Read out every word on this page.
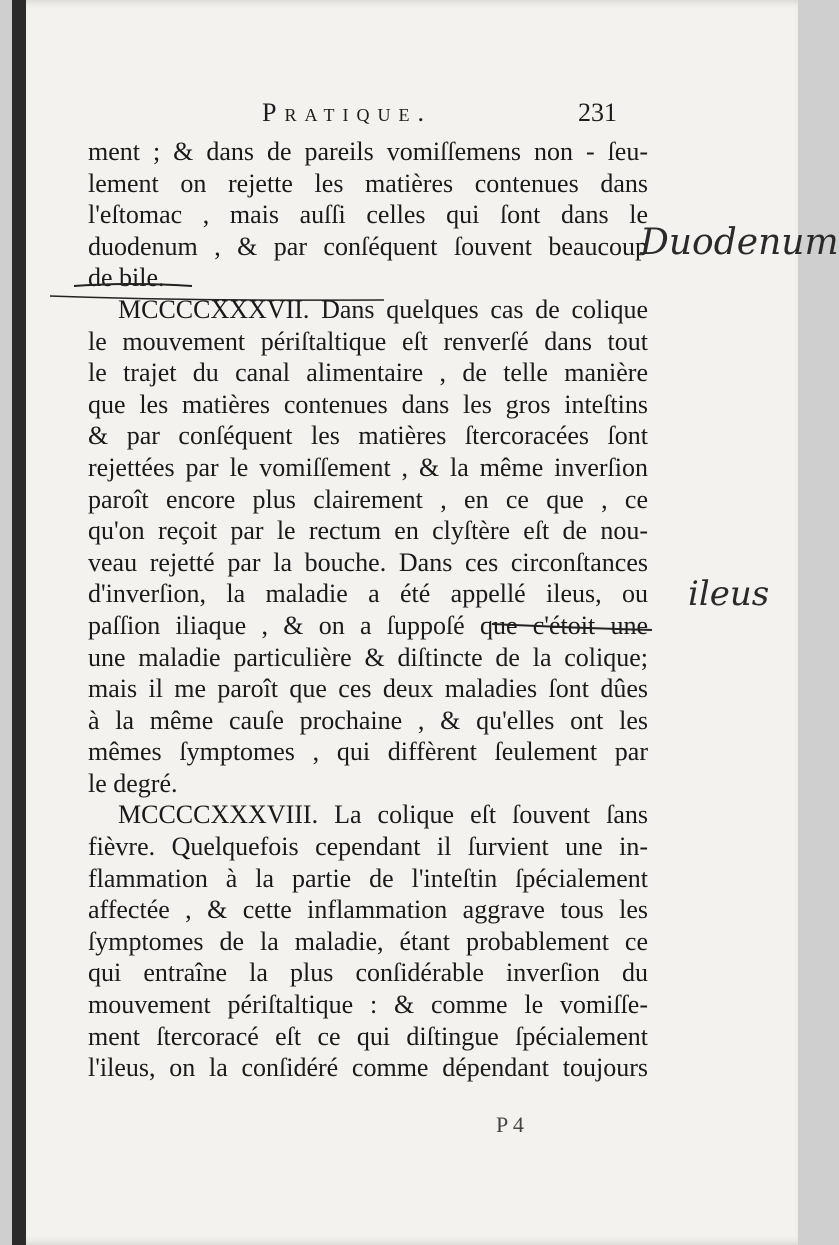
Pratique.	231
ment ; & dans de pareils vomiſſemens non - ſeu-
lement on rejette les matières contenues dans
l'eſtomac , mais auſſi celles qui ſont dans le
duodenum , & par conſéquent ſouvent beaucoup
de bile.
MCCCCXXXVII. Dans quelques cas de colique
le mouvement périſtaltique eſt renverſé dans tout
le trajet du canal alimentaire , de telle manière
que les matières contenues dans les gros inteſtins
& par conſéquent les matières ſtercoracées ſont
rejettées par le vomiſſement , & la même inverſion
paroît encore plus clairement , en ce que , ce
qu'on reçoit par le rectum en clyſtère eſt de nou-
veau rejetté par la bouche. Dans ces circonſtances
d'inverſion, la maladie a été appellé ileus, ou
paſſion iliaque , & on a ſuppoſé que c'étoit une
une maladie particulière & diſtincte de la colique;
mais il me paroît que ces deux maladies ſont dûes
à la même cauſe prochaine , & qu'elles ont les
mêmes ſymptomes , qui diffèrent ſeulement par
le degré.
MCCCCXXXVIII. La colique eſt ſouvent ſans
fièvre. Quelquefois cependant il ſurvient une in-
flammation à la partie de l'inteſtin ſpécialement
affectée , & cette inflammation aggrave tous les
ſymptomes de la maladie, étant probablement ce
qui entraîne la plus conſidérable inverſion du
mouvement périſtaltique : & comme le vomiſſe-
ment ſtercoracé eſt ce qui diſtingue ſpécialement
l'ileus, on la conſidéré comme dépendant toujours
Duodenum
ileus
P 4
